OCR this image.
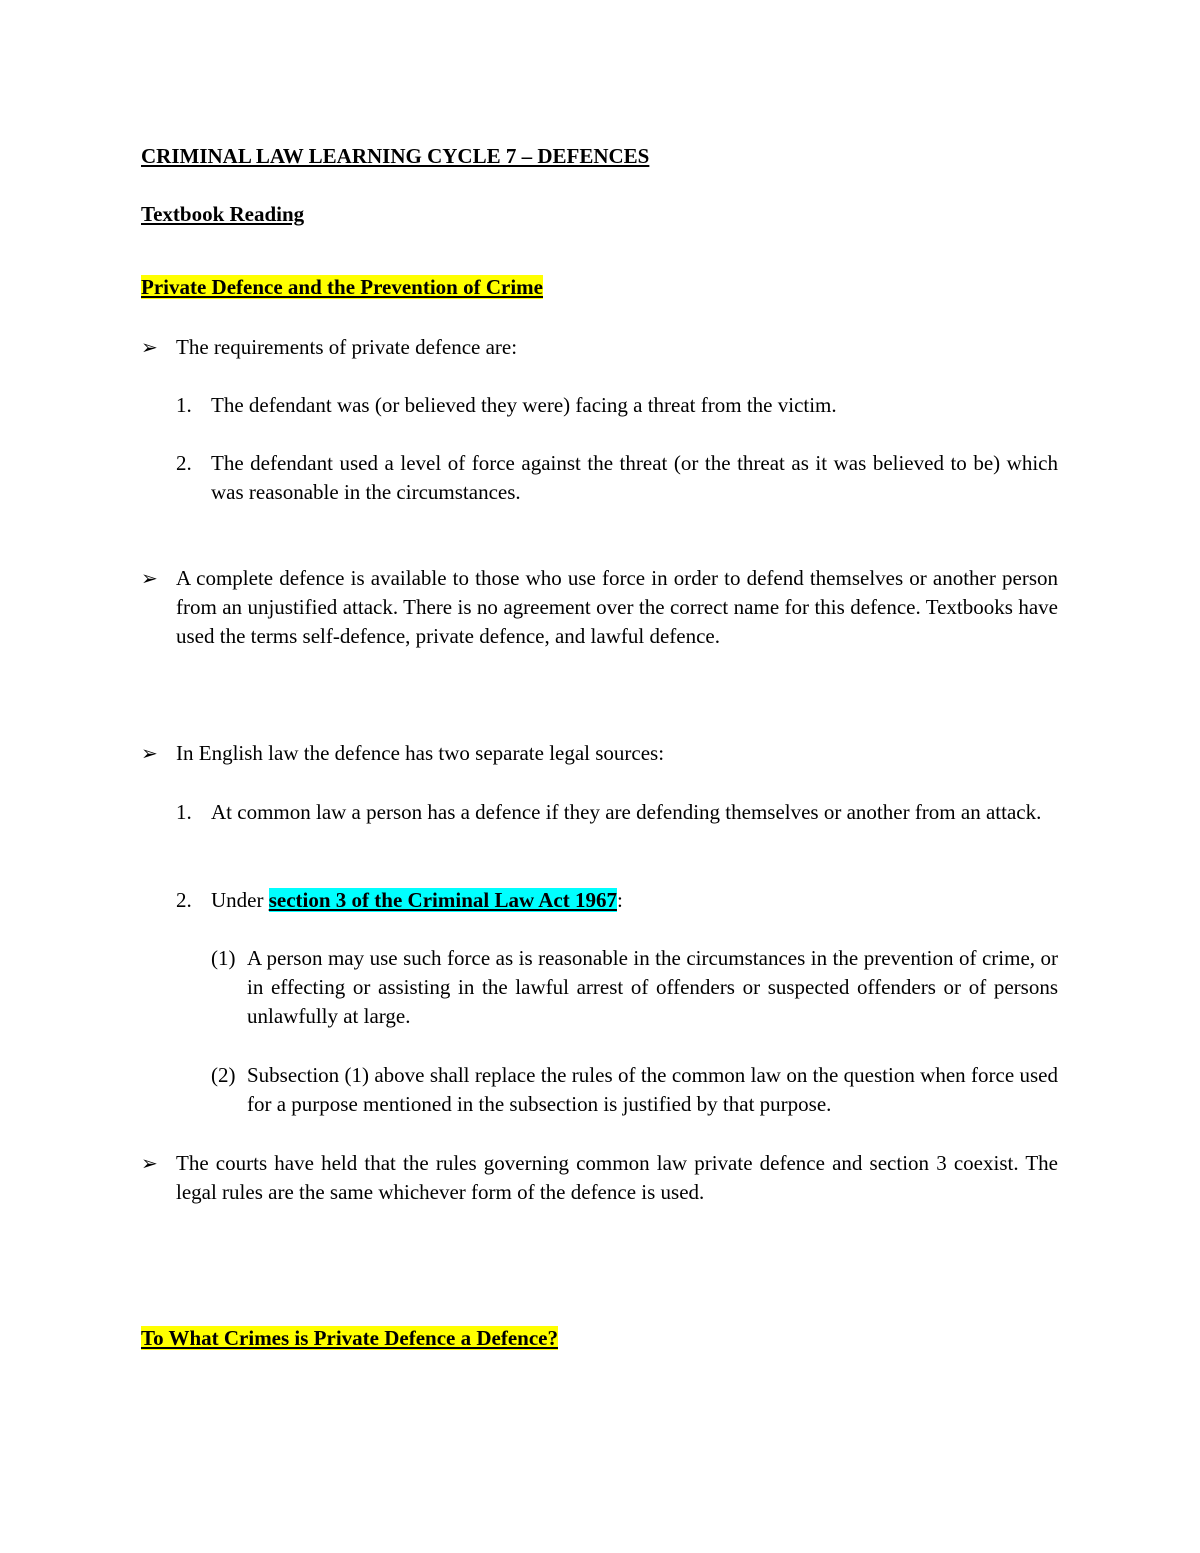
CRIMINAL LAW LEARNING CYCLE 7 – DEFENCES
Textbook Reading
Private Defence and the Prevention of Crime
➢ The requirements of private defence are:
1. The defendant was (or believed they were) facing a threat from the victim.
2. The defendant used a level of force against the threat (or the threat as it was believed to be) which was reasonable in the circumstances.
➢ A complete defence is available to those who use force in order to defend themselves or another person from an unjustified attack. There is no agreement over the correct name for this defence. Textbooks have used the terms self-defence, private defence, and lawful defence.
➢ In English law the defence has two separate legal sources:
1. At common law a person has a defence if they are defending themselves or another from an attack.
2. Under section 3 of the Criminal Law Act 1967:
(1) A person may use such force as is reasonable in the circumstances in the prevention of crime, or in effecting or assisting in the lawful arrest of offenders or suspected offenders or of persons unlawfully at large.
(2) Subsection (1) above shall replace the rules of the common law on the question when force used for a purpose mentioned in the subsection is justified by that purpose.
➢ The courts have held that the rules governing common law private defence and section 3 coexist. The legal rules are the same whichever form of the defence is used.
To What Crimes is Private Defence a Defence?
